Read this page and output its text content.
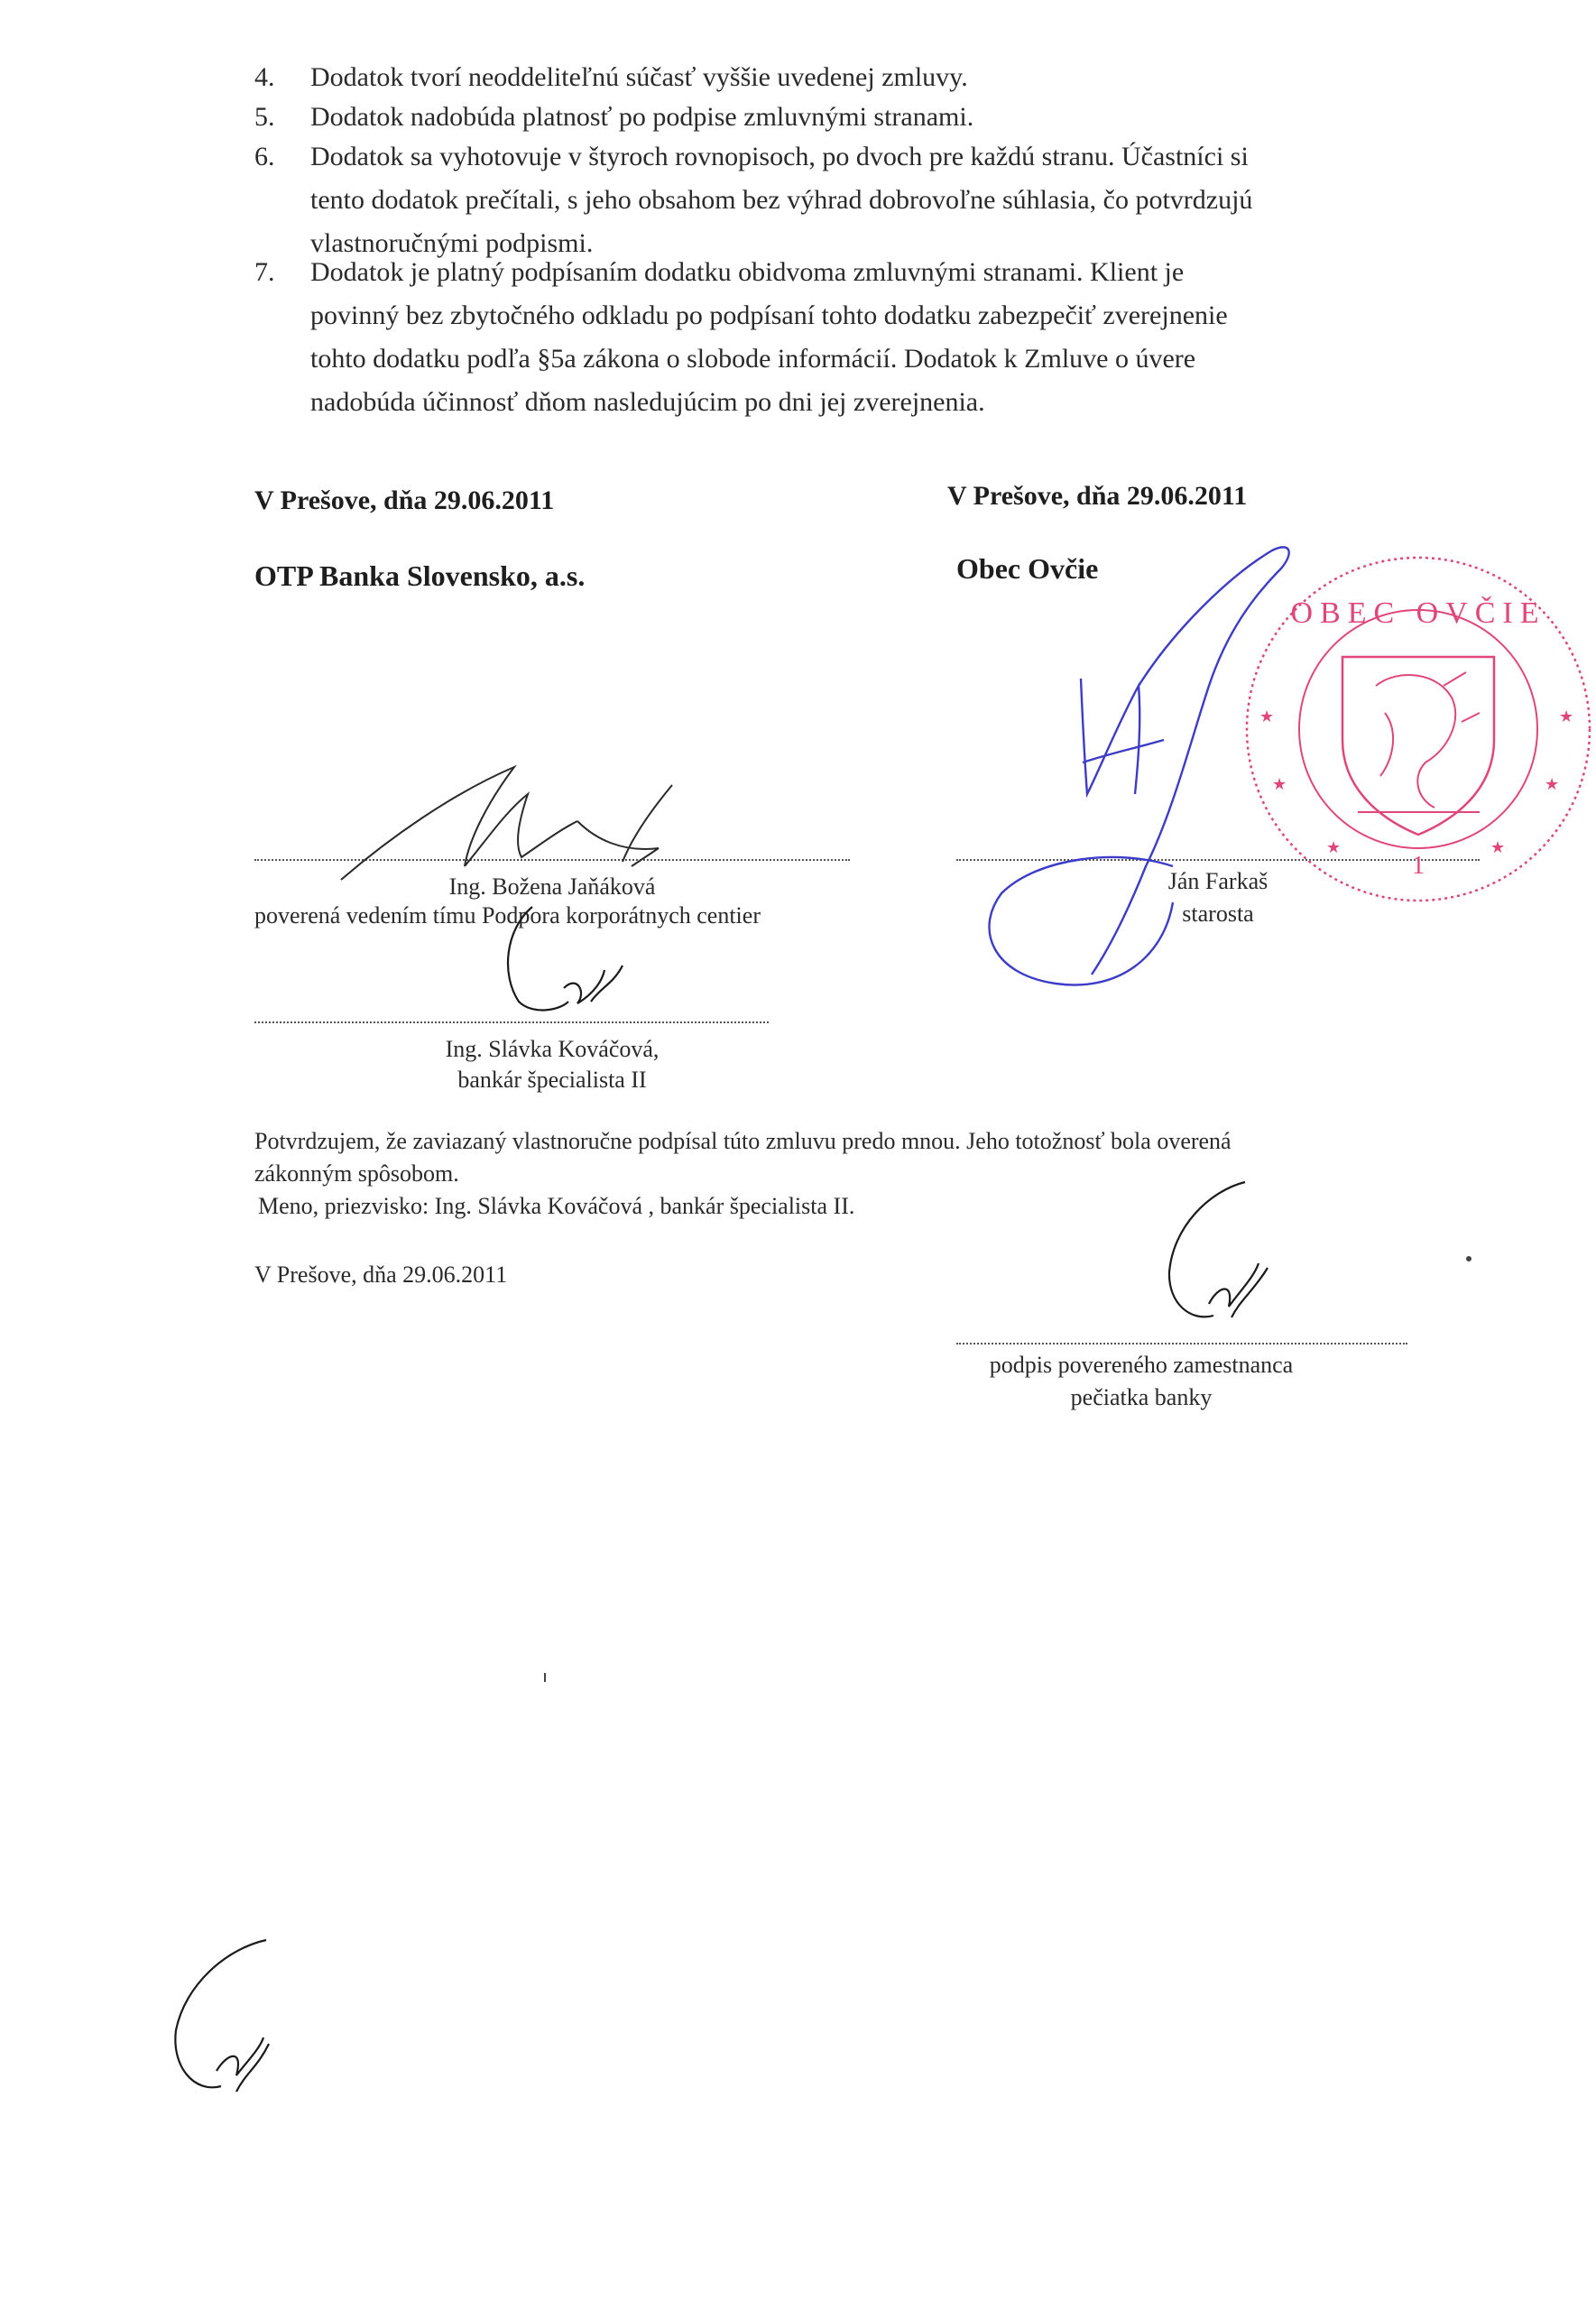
4.	Dodatok tvorí neoddeliteľnú súčasť vyššie uvedenej zmluvy.
5.	Dodatok nadobúda platnosť po podpise zmluvnými stranami.
6.	Dodatok sa vyhotovuje v štyroch rovnopisoch, po dvoch pre každú stranu. Účastníci si
tento dodatok prečítali, s jeho obsahom bez výhrad dobrovoľne súhlasia, čo potvrdzujú
vlastnoručnými podpismi.
7.	Dodatok je platný podpísaním dodatku obidvoma zmluvnými stranami. Klient je
povinný bez zbytočného odkladu po podpísaní tohto dodatku zabezpečiť zverejnenie
tohto dodatku podľa §5a zákona o slobode informácií. Dodatok k Zmluve o úvere
nadobúda účinnosť dňom nasledujúcim po dni jej zverejnenia.
V Prešove, dňa 29.06.2011
OTP Banka Slovensko, a.s.
Ing. Božena Jaňáková
poverená vedením tímu Podpora korporátnych centier
Ing. Slávka Kováčová,
bankár špecialista II
V Prešove, dňa 29.06.2011
Obec Ovčie
Ján Farkaš
starosta
Potvrdzujem, že zaviazaný vlastnoručne podpísal túto zmluvu predo mnou. Jeho totožnosť bola overená
zákonným spôsobom.
Meno, priezvisko: Ing. Slávka Kováčová , bankár špecialista II.
V Prešove, dňa 29.06.2011
podpis povereného zamestnanca
pečiatka banky
OBEC OVČIE
1
★	★
★	★
★	★
